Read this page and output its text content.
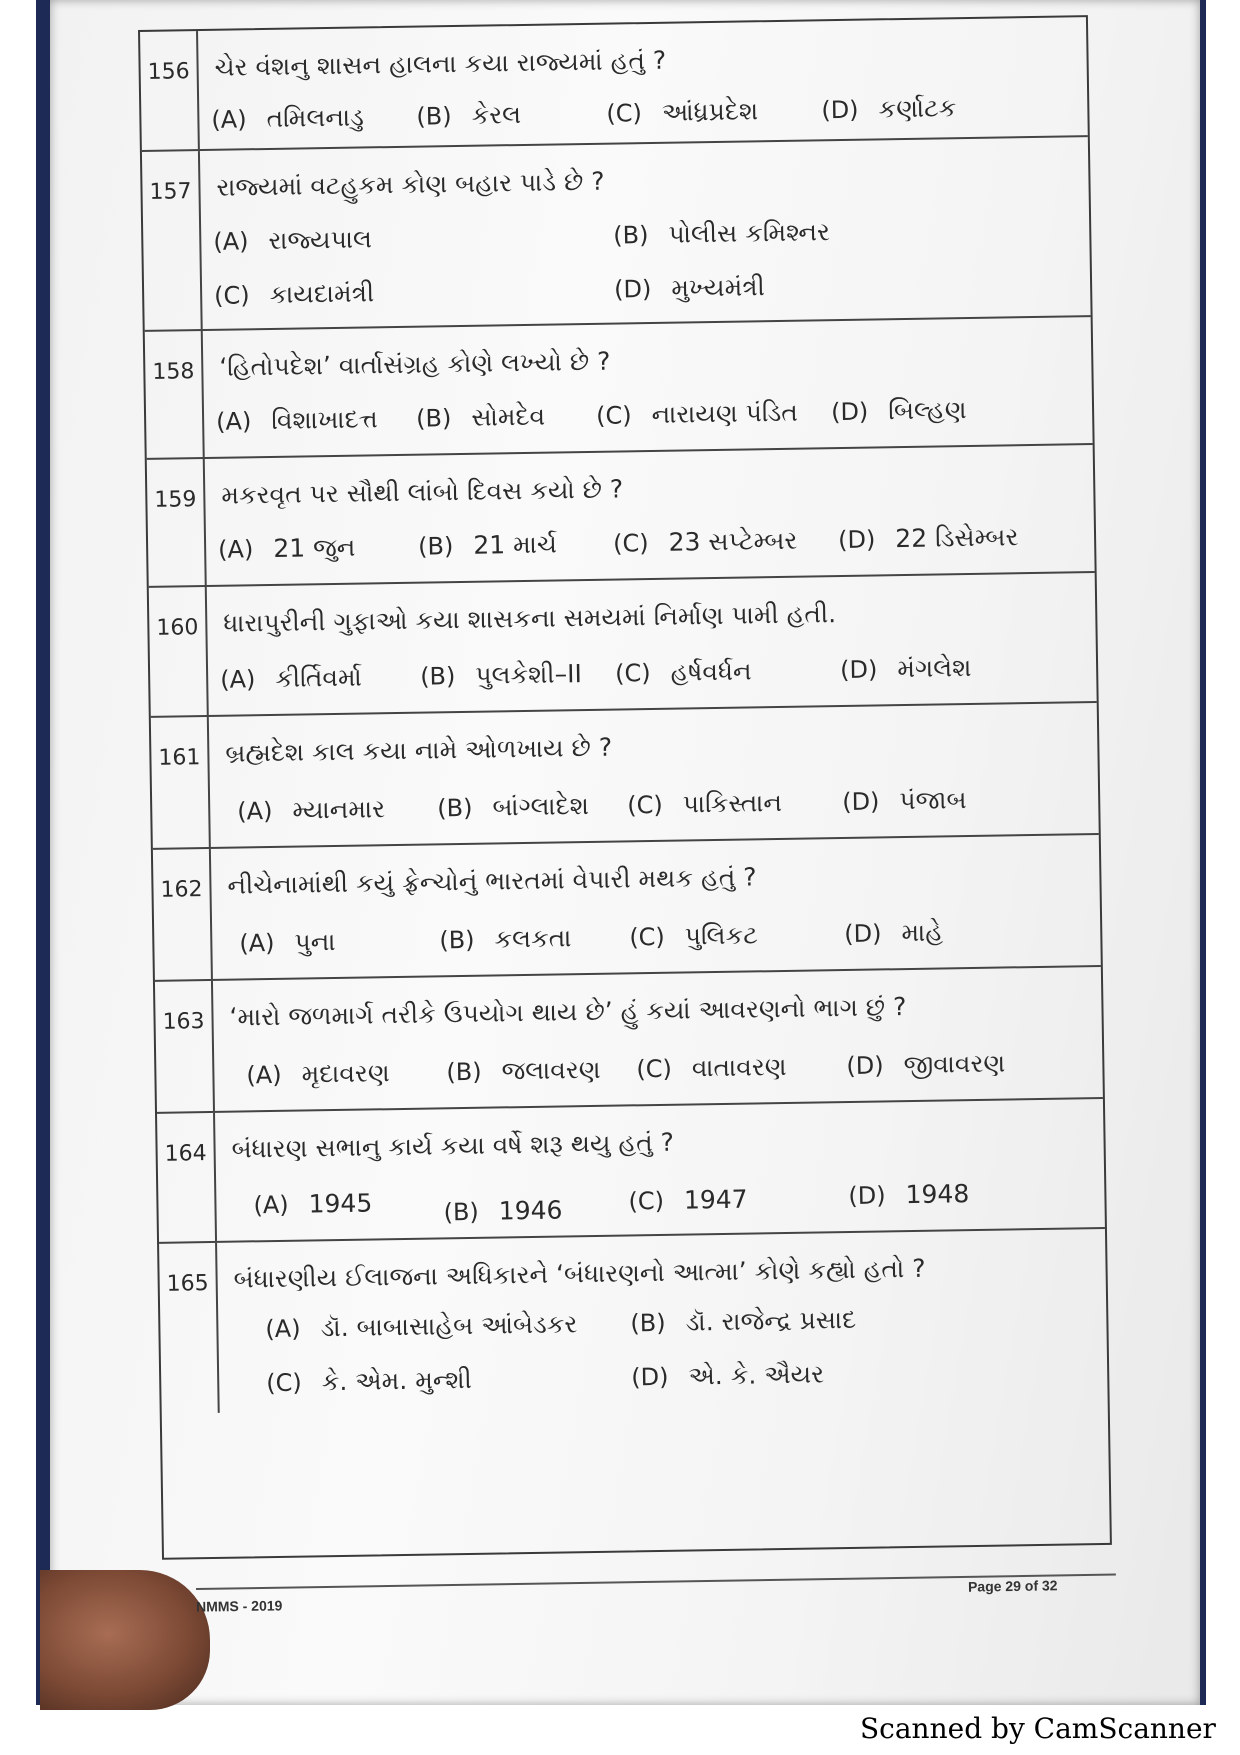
156 ચેર વંશનુ શાસન હાલના કયા રાજ્યમાં હતું ?
(A) તમિલનાડુ (B) કેરલ	(C) આંધ્રપ્રદેશ	(D) કર્ણાટક
157 રાજ્યમાં વટહુકમ કોણ બહાર પાડે છે ?
(A) રાજ્યપાલ	(B) પોલીસ કમિશ્નર
(C) કાયદામંત્રી	(D) મુખ્યમંત્રી
158 ‘હિતોપદેશ’ વાર્તાસંગ્રહ કોણે લખ્યો છે ?
(A) વિશાખાદત્ત (B) સોમદેવ (C) નારાયણ પંડિત (D) બિલ્હણ
159 મકરવૃત પર સૌથી લાંબો દિવસ કયો છે ?
(A) 21 જુન	(B) 21 માર્ચ (C) 23 સપ્ટેમ્બર (D) 22 ડિસેમ્બર
160 ધારાપુરીની ગુફાઓ કયા શાસકના સમયમાં નિર્માણ પામી હતી.
(A) કીર્તિવર્મા (B) પુલકેશી–II (C) હર્ષવર્ધન	(D) મંગલેશ
161 બ્રહ્મદેશ કાલ કયા નામે ઓળખાય છે ?
(A) મ્યાનમાર (B) બાંગ્લાદેશ (C) પાકિસ્તાન (D) પંજાબ
162 નીચેનામાંથી કયું ફ્રેન્ચોનું ભારતમાં વેપારી મથક હતું ?
(A) પુના	(B) કલકતા (C) પુલિકટ	(D) માહે
163 ‘મારો જળમાર્ગ તરીકે ઉપયોગ થાય છે’ હું કયાં આવરણનો ભાગ છું ?
(A) મૃદાવરણ (B) જલાવરણ (C) વાતાવરણ (D) જીવાવરણ
164 બંધારણ સભાનુ કાર્ય કયા વર્ષે શરૂ થયુ હતું ?
(A) 1945	(B) 1946	(C) 1947	(D) 1948
165 બંધારણીય ઈલાજના અધિકારને ‘બંધારણનો આત્મા’ કોણે કહ્યો હતો ?
(A) ડૉ. બાબાસાહેબ આંબેડકર (B) ડૉ. રાજેન્દ્ર પ્રસાદ
(C) કે. એમ. મુન્શી	(D) એ. કે. ઐયર
NMMS - 2019
Page 29 of 32
Scanned by CamScanner
